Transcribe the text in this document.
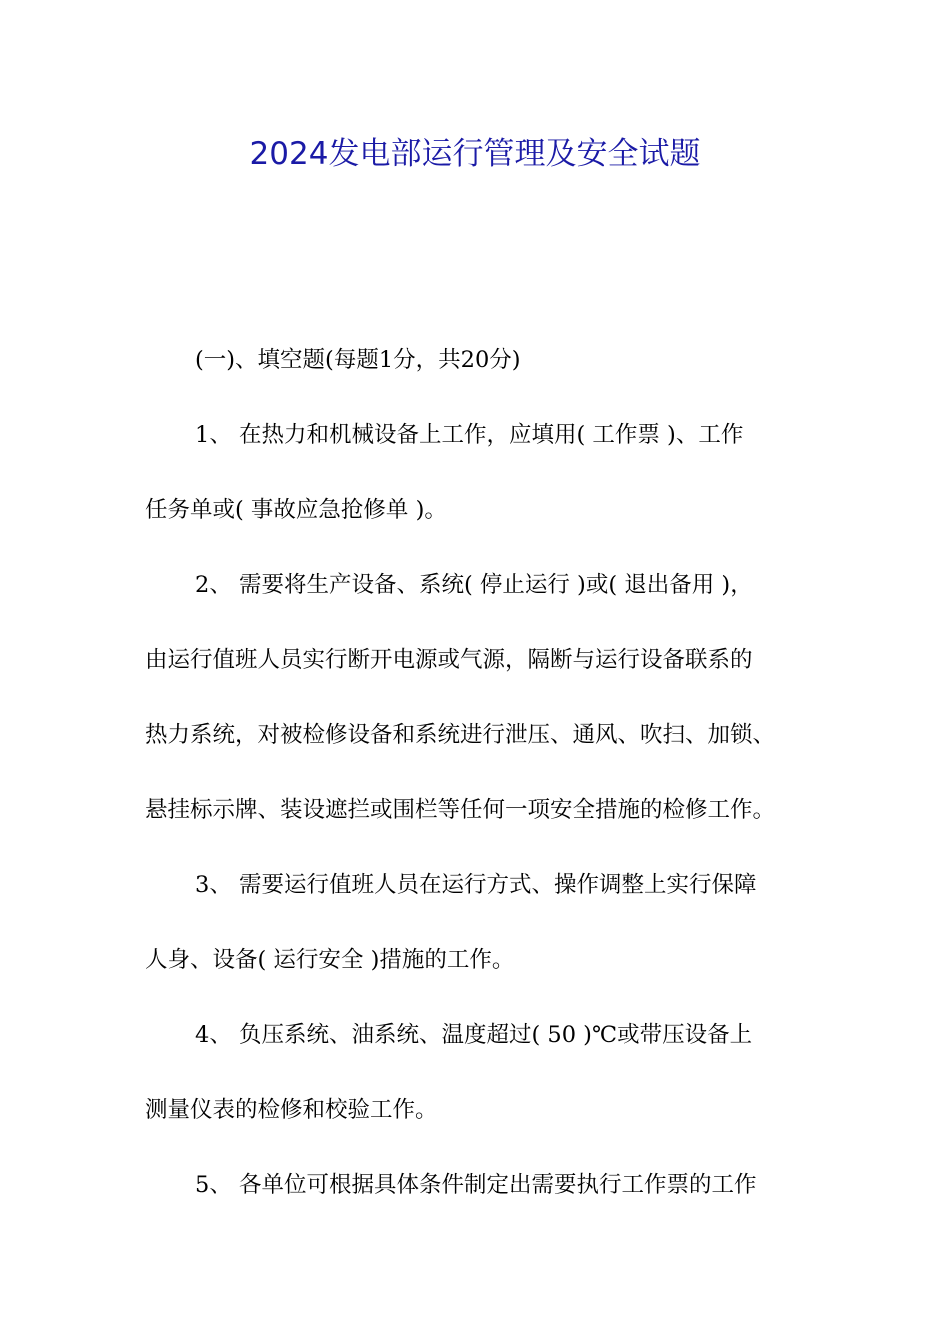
2024发电部运行管理及安全试题
(一)、填空题(每题1分，共20分)
1、 在热力和机械设备上工作，应填用( 工作票 )、工作
任务单或( 事故应急抢修单 )。
2、 需要将生产设备、系统( 停止运行 )或( 退出备用 )，
由运行值班人员实行断开电源或气源，隔断与运行设备联系的
热力系统，对被检修设备和系统进行泄压、通风、吹扫、加锁、
悬挂标示牌、装设遮拦或围栏等任何一项安全措施的检修工作。
3、 需要运行值班人员在运行方式、操作调整上实行保障
人身、设备( 运行安全 )措施的工作。
4、 负压系统、油系统、温度超过( 50 )℃或带压设备上
测量仪表的检修和校验工作。
5、 各单位可根据具体条件制定出需要执行工作票的工作
